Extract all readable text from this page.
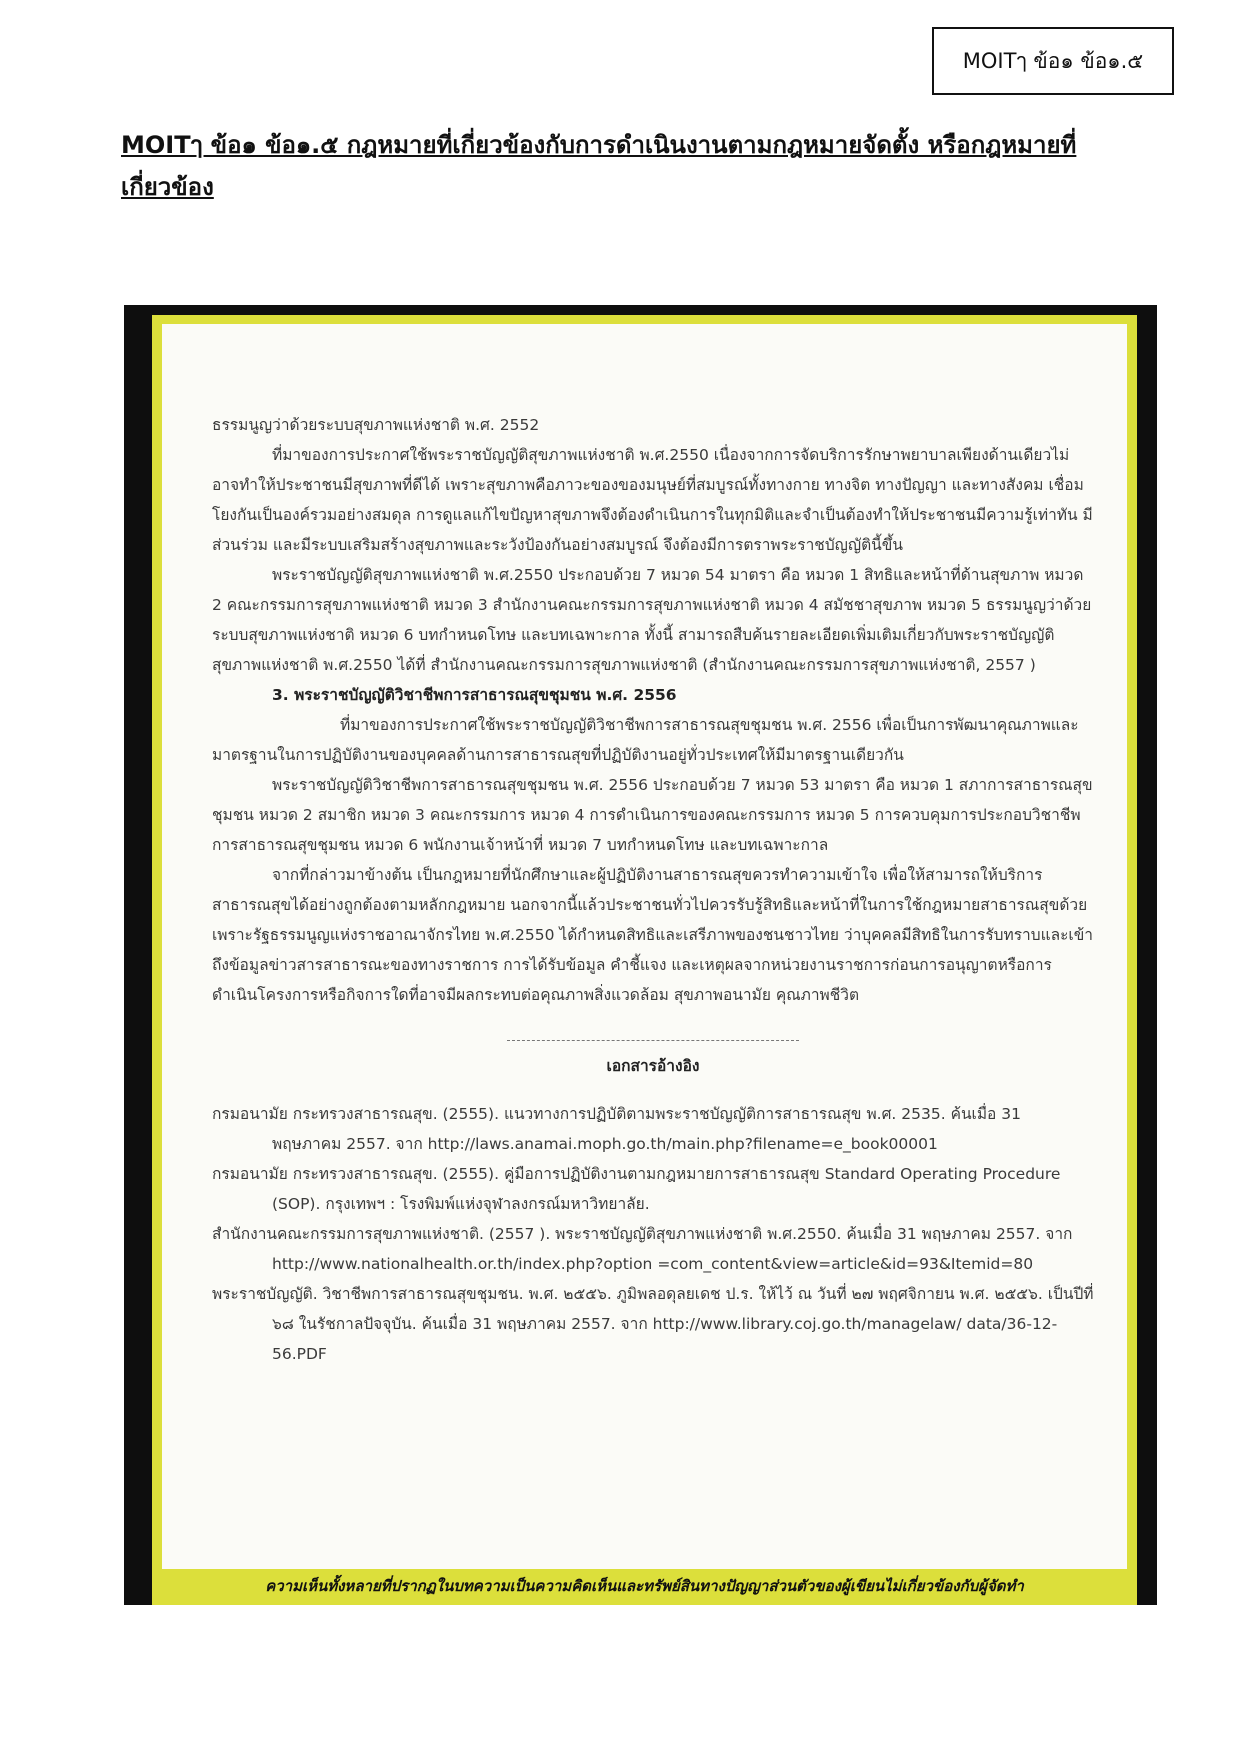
MOITๅ ข้อ๑ ข้อ๑.๕
MOITๅ ข้อ๑ ข้อ๑.๕ กฎหมายที่เกี่ยวข้องกับการดำเนินงานตามกฎหมายจัดตั้ง หรือกฎหมายที่เกี่ยวข้อง

ธรรมนูญว่าด้วยระบบสุขภาพแห่งชาติ พ.ศ. 2552

ที่มาของการประกาศใช้พระราชบัญญัติสุขภาพแห่งชาติ พ.ศ.2550 เนื่องจากการจัดบริการรักษาพยาบาลเพียงด้านเดียวไม่อาจทำให้ประชาชนมีสุขภาพที่ดีได้ เพราะสุขภาพคือภาวะของของมนุษย์ที่สมบูรณ์ทั้งทางกาย ทางจิต ทางปัญญา และทางสังคม เชื่อมโยงกันเป็นองค์รวมอย่างสมดุล การดูแลแก้ไขปัญหาสุขภาพจึงต้องดำเนินการในทุกมิติและจำเป็นต้องทำให้ประชาชนมีความรู้เท่าทัน มีส่วนร่วม และมีระบบเสริมสร้างสุขภาพและระวังป้องกันอย่างสมบูรณ์ จึงต้องมีการตราพระราชบัญญัตินี้ขึ้น

พระราชบัญญัติสุขภาพแห่งชาติ พ.ศ.2550 ประกอบด้วย 7 หมวด 54 มาตรา คือ หมวด 1 สิทธิและหน้าที่ด้านสุขภาพ หมวด 2 คณะกรรมการสุขภาพแห่งชาติ หมวด 3 สำนักงานคณะกรรมการสุขภาพแห่งชาติ หมวด 4 สมัชชาสุขภาพ หมวด 5 ธรรมนูญว่าด้วยระบบสุขภาพแห่งชาติ หมวด 6 บทกำหนดโทษ และบทเฉพาะกาล ทั้งนี้ สามารถสืบค้นรายละเอียดเพิ่มเติมเกี่ยวกับพระราชบัญญัติสุขภาพแห่งชาติ พ.ศ.2550 ได้ที่ สำนักงานคณะกรรมการสุขภาพแห่งชาติ (สำนักงานคณะกรรมการสุขภาพแห่งชาติ, 2557 )

3. พระราชบัญญัติวิชาชีพการสาธารณสุขชุมชน พ.ศ. 2556

ที่มาของการประกาศใช้พระราชบัญญัติวิชาชีพการสาธารณสุขชุมชน พ.ศ. 2556 เพื่อเป็นการพัฒนาคุณภาพและมาตรฐานในการปฏิบัติงานของบุคคลด้านการสาธารณสุขที่ปฏิบัติงานอยู่ทั่วประเทศให้มีมาตรฐานเดียวกัน

พระราชบัญญัติวิชาชีพการสาธารณสุขชุมชน พ.ศ. 2556 ประกอบด้วย 7 หมวด 53 มาตรา คือ หมวด 1 สภาการสาธารณสุขชุมชน หมวด 2 สมาชิก หมวด 3 คณะกรรมการ หมวด 4 การดำเนินการของคณะกรรมการ หมวด 5 การควบคุมการประกอบวิชาชีพการสาธารณสุขชุมชน หมวด 6 พนักงานเจ้าหน้าที่ หมวด 7 บทกำหนดโทษ และบทเฉพาะกาล

จากที่กล่าวมาข้างต้น เป็นกฎหมายที่นักศึกษาและผู้ปฏิบัติงานสาธารณสุขควรทำความเข้าใจ เพื่อให้สามารถให้บริการสาธารณสุขได้อย่างถูกต้องตามหลักกฎหมาย นอกจากนี้แล้วประชาชนทั่วไปควรรับรู้สิทธิและหน้าที่ในการใช้กฎหมายสาธารณสุขด้วย เพราะรัฐธรรมนูญแห่งราชอาณาจักรไทย พ.ศ.2550 ได้กำหนดสิทธิและเสรีภาพของชนชาวไทย ว่าบุคคลมีสิทธิในการรับทราบและเข้าถึงข้อมูลข่าวสารสาธารณะของทางราชการ การได้รับข้อมูล คำชี้แจง และเหตุผลจากหน่วยงานราชการก่อนการอนุญาตหรือการดำเนินโครงการหรือกิจการใดที่อาจมีผลกระทบต่อคุณภาพสิ่งแวดล้อม สุขภาพอนามัย คุณภาพชีวิต

เอกสารอ้างอิง

กรมอนามัย กระทรวงสาธารณสุข. (2555). แนวทางการปฏิบัติตามพระราชบัญญัติการสาธารณสุข พ.ศ. 2535. ค้นเมื่อ 31 พฤษภาคม 2557. จาก http://laws.anamai.moph.go.th/main.php?filename=e_book00001

กรมอนามัย กระทรวงสาธารณสุข. (2555). คู่มือการปฏิบัติงานตามกฎหมายการสาธารณสุข Standard Operating Procedure (SOP). กรุงเทพฯ : โรงพิมพ์แห่งจุฬาลงกรณ์มหาวิทยาลัย.

สำนักงานคณะกรรมการสุขภาพแห่งชาติ. (2557 ). พระราชบัญญัติสุขภาพแห่งชาติ พ.ศ.2550. ค้นเมื่อ 31 พฤษภาคม 2557. จาก http://www.nationalhealth.or.th/index.php?option =com_content&view=article&id=93&Itemid=80

พระราชบัญญัติ. วิชาชีพการสาธารณสุขชุมชน. พ.ศ. ๒๕๕๖. ภูมิพลอดุลยเดช ป.ร. ให้ไว้ ณ วันที่ ๒๗ พฤศจิกายน พ.ศ. ๒๕๕๖. เป็นปีที่ ๖๘ ในรัชกาลปัจจุบัน. ค้นเมื่อ 31 พฤษภาคม 2557. จาก http://www.library.coj.go.th/managelaw/ data/36-12-56.PDF

ความเห็นทั้งหลายที่ปรากฏในบทความเป็นความคิดเห็นและทรัพย์สินทางปัญญาส่วนตัวของผู้เขียนไม่เกี่ยวข้องกับผู้จัดทำ
